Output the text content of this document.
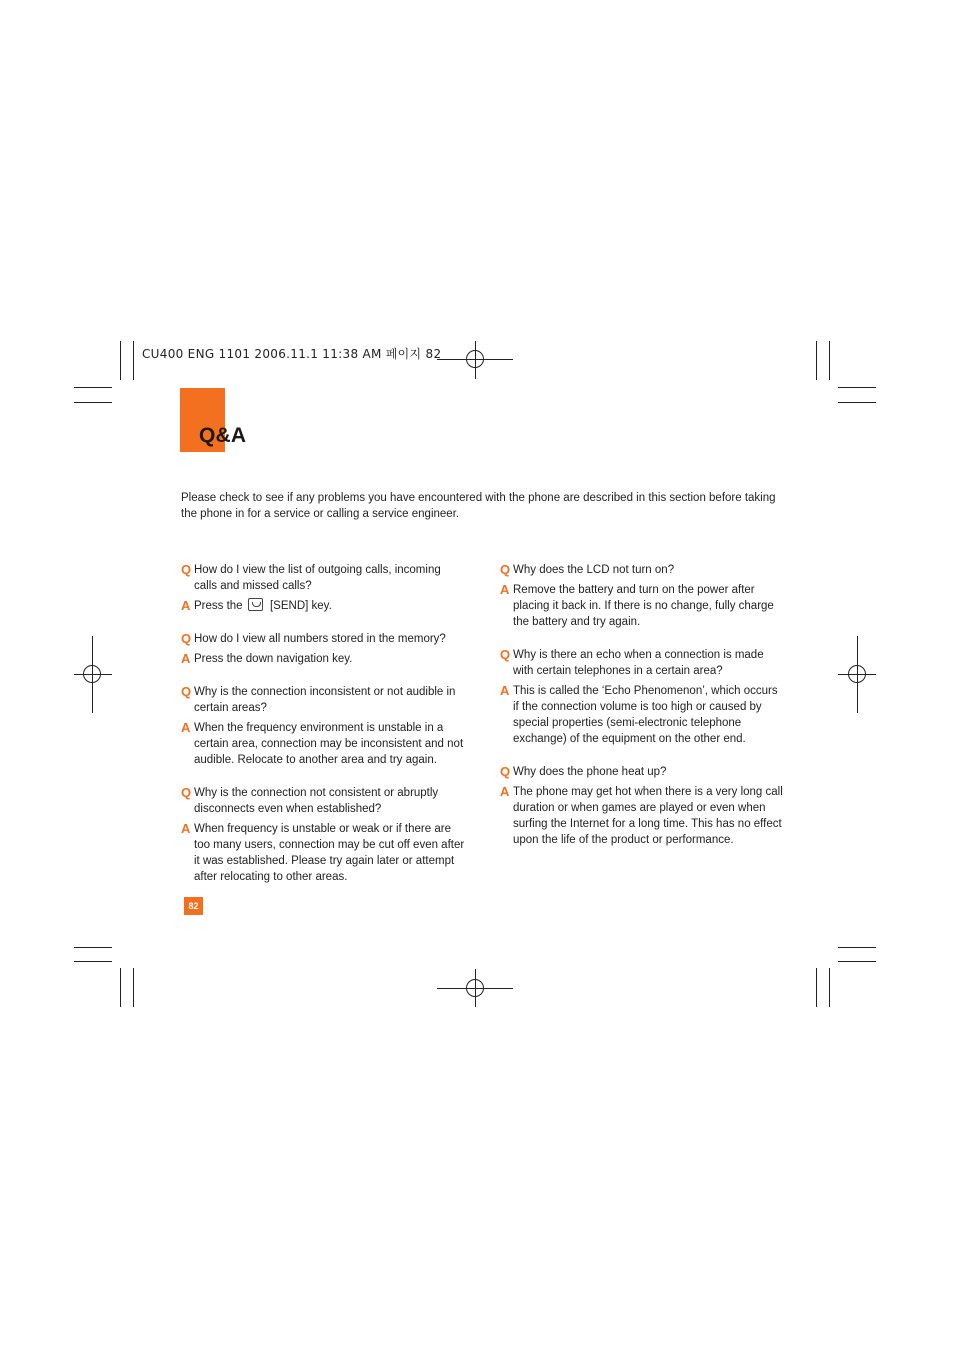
CU400 ENG 1101 2006.11.1 11:38 AM 페이지 82
Q&A

Please check to see if any problems you have encountered with the phone are described in this section before taking the phone in for a service or calling a service engineer.

Q How do I view the list of outgoing calls, incoming calls and missed calls?
A Press the [SEND] key.
Q How do I view all numbers stored in the memory?
A Press the down navigation key.
Q Why is the connection inconsistent or not audible in certain areas?
A When the frequency environment is unstable in a certain area, connection may be inconsistent and not audible. Relocate to another area and try again.
Q Why is the connection not consistent or abruptly disconnects even when established?
A When frequency is unstable or weak or if there are too many users, connection may be cut off even after it was established. Please try again later or attempt after relocating to other areas.
Q Why does the LCD not turn on?
A Remove the battery and turn on the power after placing it back in. If there is no change, fully charge the battery and try again.
Q Why is there an echo when a connection is made with certain telephones in a certain area?
A This is called the ‘Echo Phenomenon’, which occurs if the connection volume is too high or caused by special properties (semi-electronic telephone exchange) of the equipment on the other end.
Q Why does the phone heat up?
A The phone may get hot when there is a very long call duration or when games are played or even when surfing the Internet for a long time. This has no effect upon the life of the product or performance.
82
